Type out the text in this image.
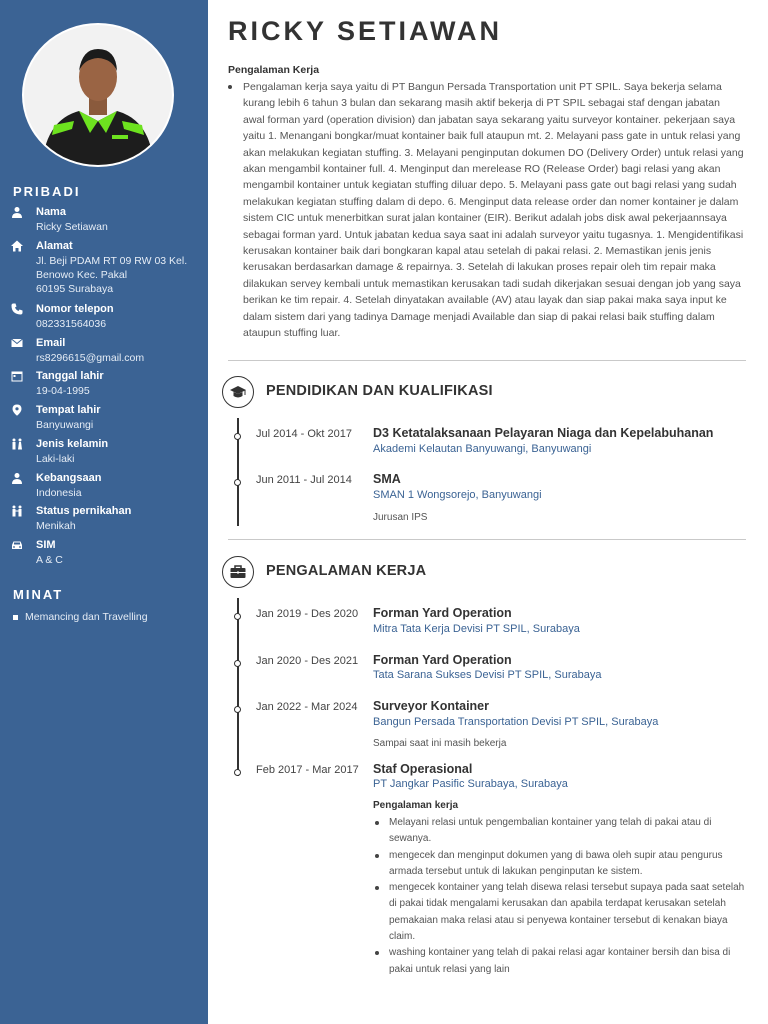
PRIBADI
Nama
Ricky Setiawan
Alamat
Jl. Beji PDAM RT 09 RW 03 Kel.
Benowo Kec. Pakal
60195 Surabaya
Nomor telepon
082331564036
Email
rs8296615@gmail.com
Tanggal lahir
19-04-1995
Tempat lahir
Banyuwangi
Jenis kelamin
Laki-laki
Kebangsaan
Indonesia
Status pernikahan
Menikah
SIM
A & C
MINAT
Memancing dan Travelling
RICKY SETIAWAN
Pengalaman Kerja
Pengalaman kerja saya yaitu di PT Bangun Persada Transportation unit PT SPIL. Saya bekerja selama kurang lebih 6 tahun 3 bulan dan sekarang masih aktif bekerja di PT SPIL sebagai staf dengan jabatan awal forman yard (operation division) dan jabatan saya sekarang yaitu surveyor kontainer. pekerjaan saya yaitu 1. Menangani bongkar/muat kontainer baik full ataupun mt. 2. Melayani pass gate in untuk relasi yang akan melakukan kegiatan stuffing. 3. Melayani penginputan dokumen DO (Delivery Order) untuk relasi yang akan mengambil kontainer full. 4. Menginput dan merelease RO (Release Order) bagi relasi yang akan mengambil kontainer untuk kegiatan stuffing diluar depo. 5. Melayani pass gate out bagi relasi yang sudah melakukan kegiatan stuffing dalam di depo. 6. Menginput data release order dan nomer kontainer je dalam sistem CIC untuk menerbitkan surat jalan kontainer (EIR). Berikut adalah jobs disk awal pekerjaannsaya sebagai forman yard. Untuk jabatan kedua saya saat ini adalah surveyor yaitu tugasnya. 1. Mengidentifikasi kerusakan kontainer baik dari bongkaran kapal atau setelah di pakai relasi. 2. Memastikan jenis jenis kerusakan berdasarkan damage & repairnya. 3. Setelah di lakukan proses repair oleh tim repair maka dilakukan servey kembali untuk memastikan kerusakan tadi sudah dikerjakan sesuai dengan job yang saya berikan ke tim repair. 4. Setelah dinyatakan available (AV) atau layak dan siap pakai maka saya input ke dalam sistem dari yang tadinya Damage menjadi Available dan siap di pakai relasi baik stuffing dalam ataupun stuffing luar.
PENDIDIKAN DAN KUALIFIKASI
Jul 2014 - Okt 2017 D3 Ketatalaksanaan Pelayaran Niaga dan Kepelabuhanan
Akademi Kelautan Banyuwangi, Banyuwangi
Jun 2011 - Jul 2014 SMA
SMAN 1 Wongsorejo, Banyuwangi
Jurusan IPS
PENGALAMAN KERJA
Jan 2019 - Des 2020 Forman Yard Operation
Mitra Tata Kerja Devisi PT SPIL, Surabaya
Jan 2020 - Des 2021 Forman Yard Operation
Tata Sarana Sukses Devisi PT SPIL, Surabaya
Jan 2022 - Mar 2024 Surveyor Kontainer
Bangun Persada Transportation Devisi PT SPIL, Surabaya
Sampai saat ini masih bekerja
Feb 2017 - Mar 2017 Staf Operasional
PT Jangkar Pasific Surabaya, Surabaya
Pengalaman kerja
Melayani relasi untuk pengembalian kontainer yang telah di pakai atau di sewanya.
mengecek dan menginput dokumen yang di bawa oleh supir atau pengurus armada tersebut untuk di lakukan penginputan ke sistem.
mengecek kontainer yang telah disewa relasi tersebut supaya pada saat setelah di pakai tidak mengalami kerusakan dan apabila terdapat kerusakan setelah pemakaian maka relasi atau si penyewa kontainer tersebut di kenakan biaya claim.
washing kontainer yang telah di pakai relasi agar kontainer bersih dan bisa di pakai untuk relasi yang lain
